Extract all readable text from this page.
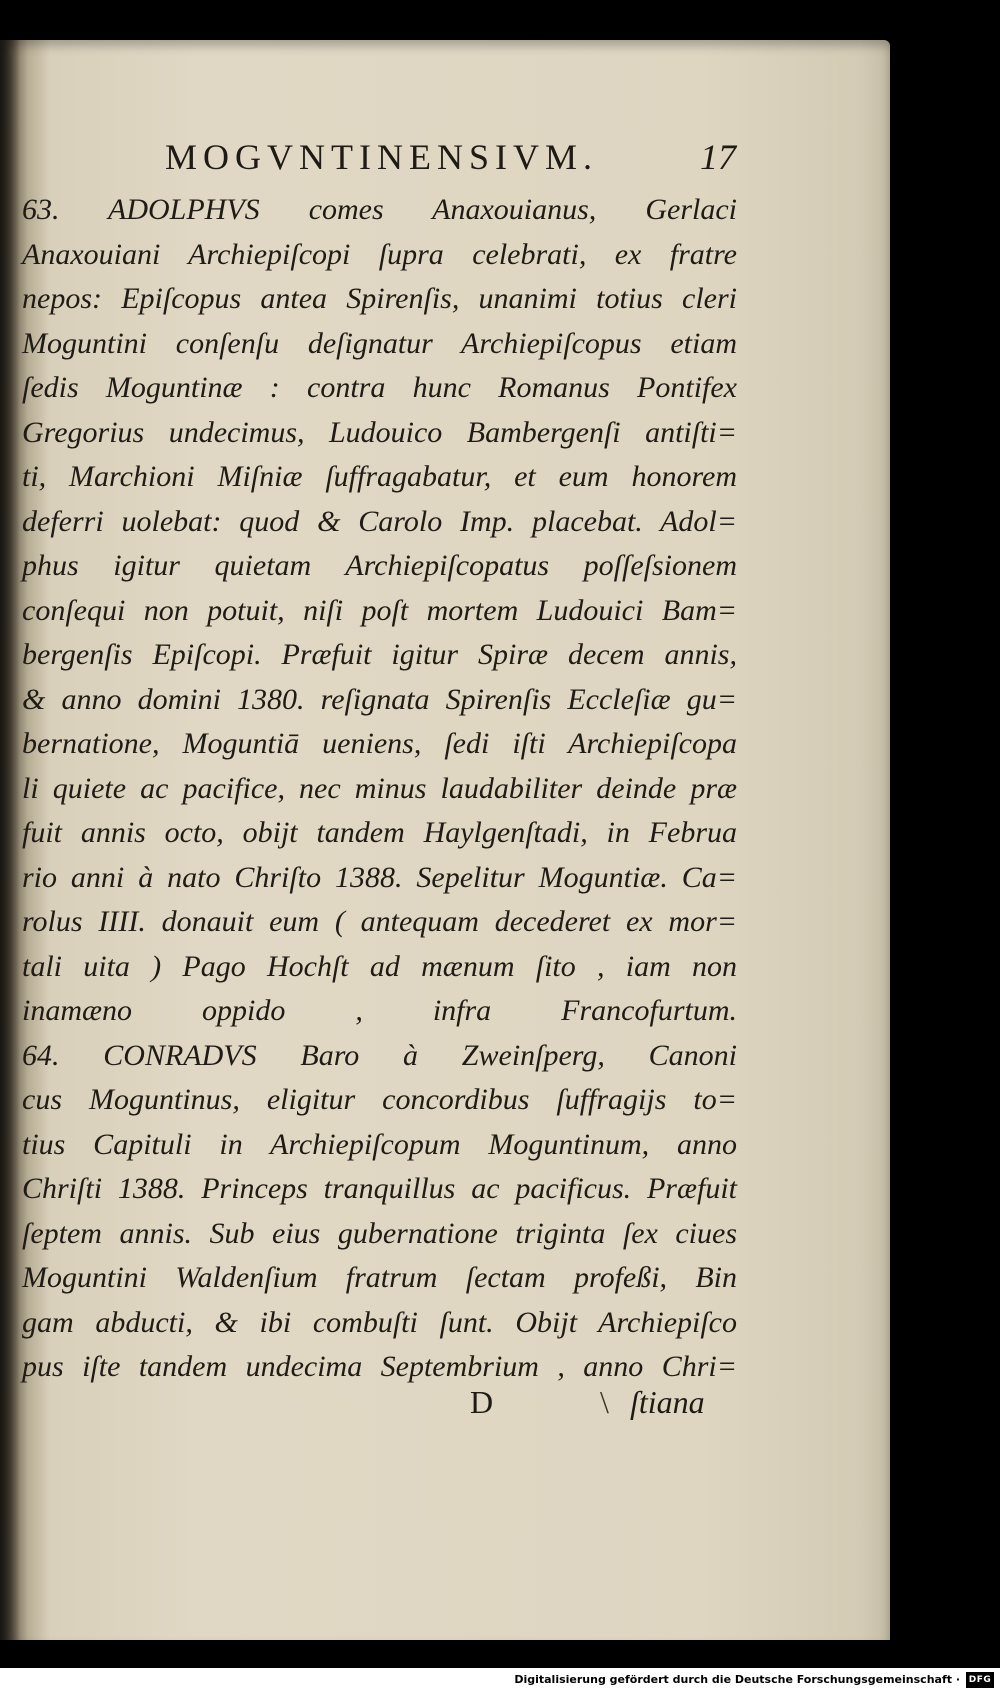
MOGVNTINENSIVM.	17
63. ADOLPHVS comes Anaxouianus, Gerlaci
Anaxouiani Archiepiſcopi ſupra celebrati, ex fratre
nepos: Epiſcopus antea Spirenſis, unanimi totius cleri
Moguntini conſenſu deſignatur Archiepiſcopus etiam
ſedis Moguntinæ : contra hunc Romanus Pontifex
Gregorius undecimus, Ludouico Bambergenſi antiſti=
ti, Marchioni Miſniæ ſuffragabatur, et eum honorem
deferri uolebat: quod & Carolo Imp. placebat. Adol=
phus igitur quietam Archiepiſcopatus poſſeſsionem
conſequi non potuit, niſi poſt mortem Ludouici Bam=
bergenſis Epiſcopi. Præfuit igitur Spiræ decem annis,
& anno domini 1380. reſignata Spirenſis Eccleſiæ gu=
bernatione, Moguntiā ueniens, ſedi iſti Archiepiſcopa
li quiete ac pacifice, nec minus laudabiliter deinde præ
fuit annis octo, obijt tandem Haylgenſtadi, in Februa
rio anni à nato Chriſto 1388. Sepelitur Moguntiæ. Ca=
rolus IIII. donauit eum ( antequam decederet ex mor=
tali uita ) Pago Hochſt ad mænum ſito , iam non
inamæno oppido , infra Francofurtum.
64. CONRADVS Baro à Zweinſperg, Canoni
cus Moguntinus, eligitur concordibus ſuffragijs to=
tius Capituli in Archiepiſcopum Moguntinum, anno
Chriſti 1388. Princeps tranquillus ac pacificus. Præfuit
ſeptem annis. Sub eius gubernatione triginta ſex ciues
Moguntini Waldenſium fratrum ſectam profeßi, Bin
gam abducti, & ibi combuſti ſunt. Obijt Archiepiſco
pus iſte tandem undecima Septembrium , anno Chri=
D	\ ſtiana
Digitalisierung gefördert durch die Deutsche Forschungsgemeinschaft · DFG
